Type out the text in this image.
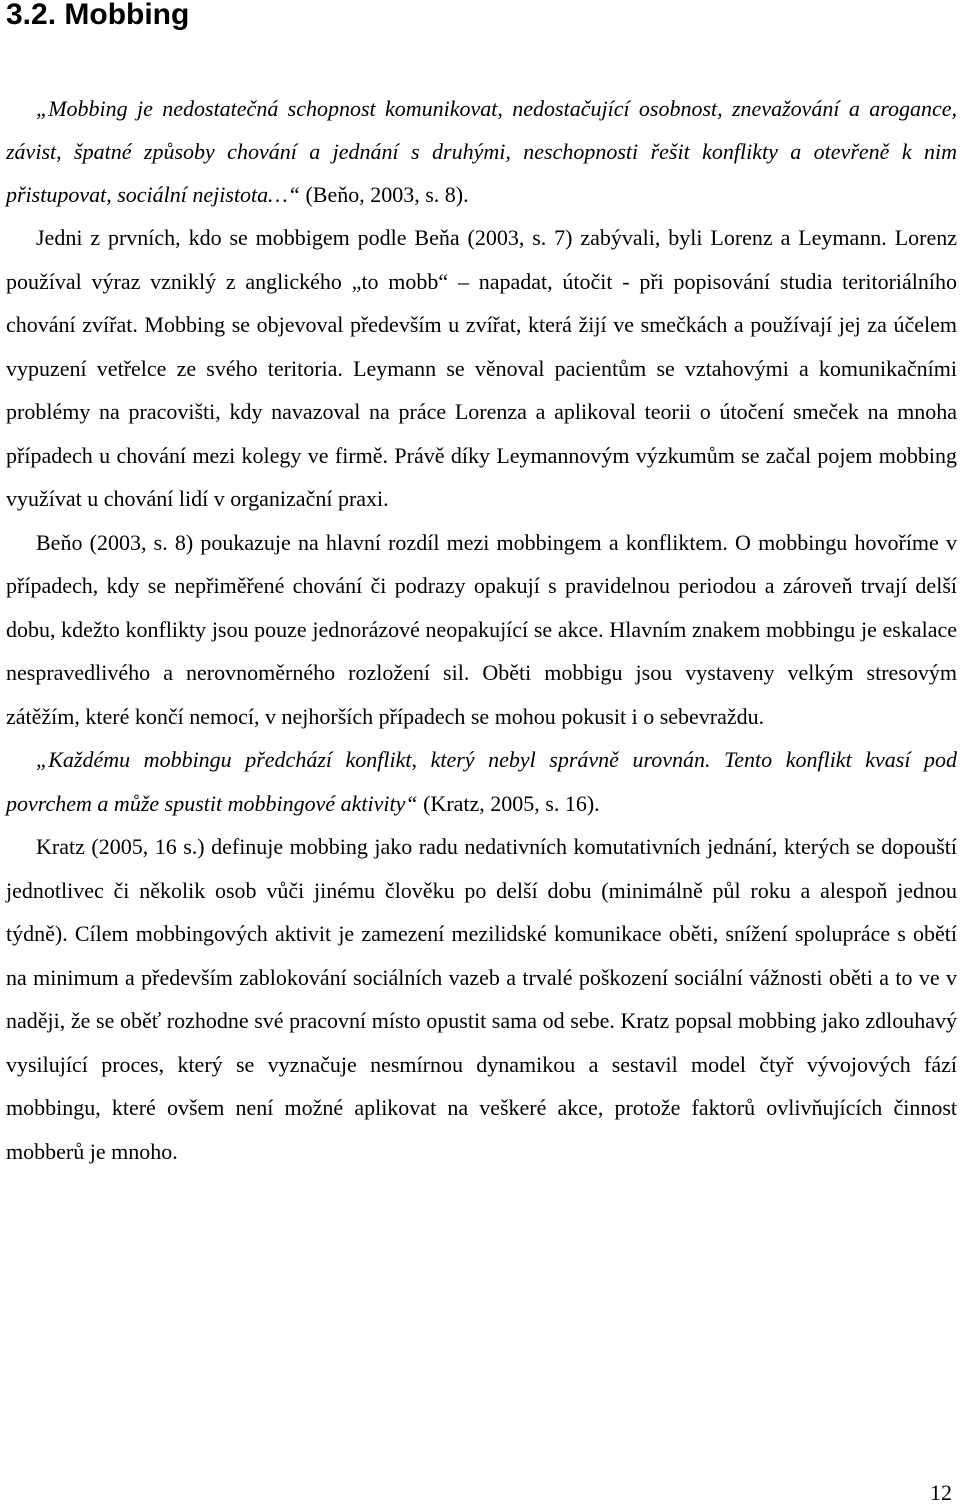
3.2. Mobbing

„Mobbing je nedostatečná schopnost komunikovat, nedostačující osobnost, znevažování a arogance, závist, špatné způsoby chování a jednání s druhými, neschopnosti řešit konflikty a otevřeně k nim přistupovat, sociální nejistota…“ (Beňo, 2003, s. 8).

Jedni z prvních, kdo se mobbigem podle Beňa (2003, s. 7) zabývali, byli Lorenz a Leymann. Lorenz používal výraz vzniklý z anglického „to mobb“ – napadat, útočit - při popisování studia teritoriálního chování zvířat. Mobbing se objevoval především u zvířat, která žijí ve smečkách a používají jej za účelem vypuzení vetřelce ze svého teritoria. Leymann se věnoval pacientům se vztahovými a komunikačními problémy na pracovišti, kdy navazoval na práce Lorenza a aplikoval teorii o útočení smeček na mnoha případech u chování mezi kolegy ve firmě. Právě díky Leymannovým výzkumům se začal pojem mobbing využívat u chování lidí v organizační praxi.

Beňo (2003, s. 8) poukazuje na hlavní rozdíl mezi mobbingem a konfliktem. O mobbingu hovoříme v případech, kdy se nepřiměřené chování či podrazy opakují s pravidelnou periodou a zároveň trvají delší dobu, kdežto konflikty jsou pouze jednorázové neopakující se akce. Hlavním znakem mobbingu je eskalace nespravedlivého a nerovnoměrného rozložení sil. Oběti mobbigu jsou vystaveny velkým stresovým zátěžím, které končí nemocí, v nejhorších případech se mohou pokusit i o sebevraždu.

„Každému mobbingu předchází konflikt, který nebyl správně urovnán. Tento konflikt kvasí pod povrchem a může spustit mobbingové aktivity“ (Kratz, 2005, s. 16).

Kratz (2005, 16 s.) definuje mobbing jako radu nedativních komutativních jednání, kterých se dopouští jednotlivec či několik osob vůči jinému člověku po delší dobu (minimálně půl roku a alespoň jednou týdně). Cílem mobbingových aktivit je zamezení mezilidské komunikace oběti, snížení spolupráce s obětí na minimum a především zablokování sociálních vazeb a trvalé poškození sociální vážnosti oběti a to ve v naději, že se oběť rozhodne své pracovní místo opustit sama od sebe. Kratz popsal mobbing jako zdlouhavý vysilující proces, který se vyznačuje nesmírnou dynamikou a sestavil model čtyř vývojových fází mobbingu, které ovšem není možné aplikovat na veškeré akce, protože faktorů ovlivňujících činnost mobberů je mnoho.

12
